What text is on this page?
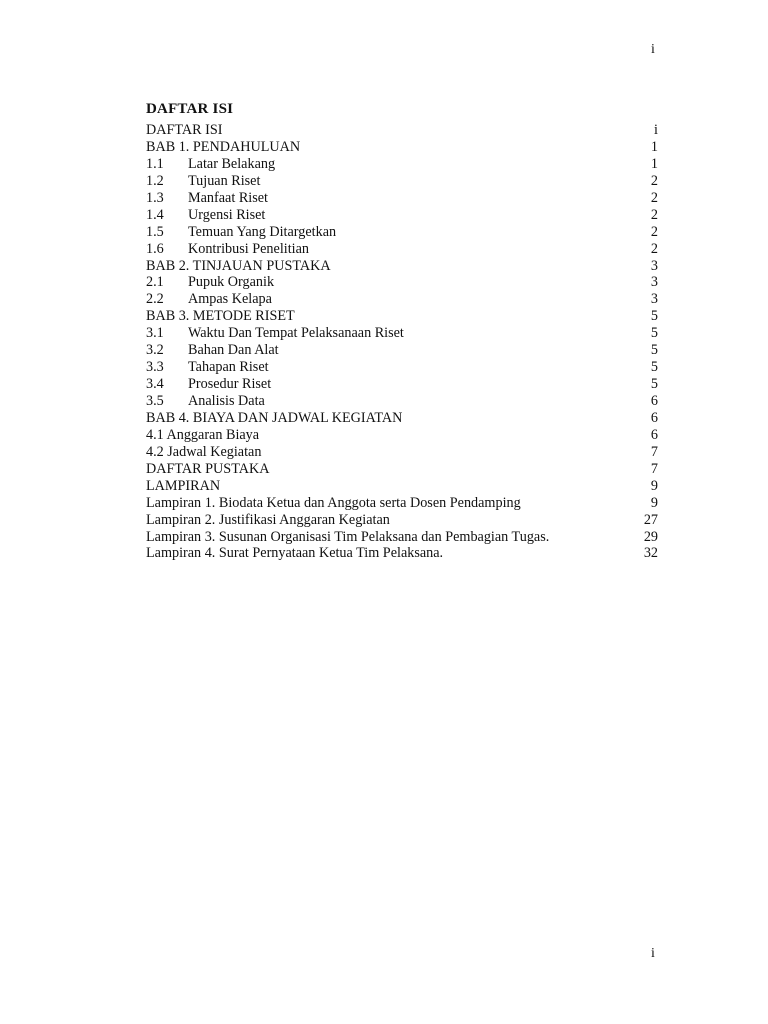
i
DAFTAR ISI
DAFTAR ISI	i
BAB 1. PENDAHULUAN	1
1.1	Latar Belakang	1
1.2	Tujuan Riset	2
1.3	Manfaat Riset	2
1.4	Urgensi Riset	2
1.5	Temuan Yang Ditargetkan	2
1.6	Kontribusi Penelitian	2
BAB 2. TINJAUAN PUSTAKA	3
2.1	Pupuk Organik	3
2.2	Ampas Kelapa	3
BAB 3. METODE RISET	5
3.1	Waktu Dan Tempat Pelaksanaan Riset	5
3.2	Bahan Dan Alat	5
3.3	Tahapan Riset	5
3.4	Prosedur Riset	5
3.5	Analisis Data	6
BAB 4. BIAYA DAN JADWAL KEGIATAN	6
4.1 Anggaran Biaya	6
4.2 Jadwal Kegiatan	7
DAFTAR PUSTAKA	7
LAMPIRAN	9
Lampiran 1. Biodata Ketua dan Anggota serta Dosen Pendamping	9
Lampiran 2. Justifikasi Anggaran Kegiatan	27
Lampiran 3. Susunan Organisasi Tim Pelaksana dan Pembagian Tugas.	29
Lampiran 4. Surat Pernyataan Ketua Tim Pelaksana.	32
i
